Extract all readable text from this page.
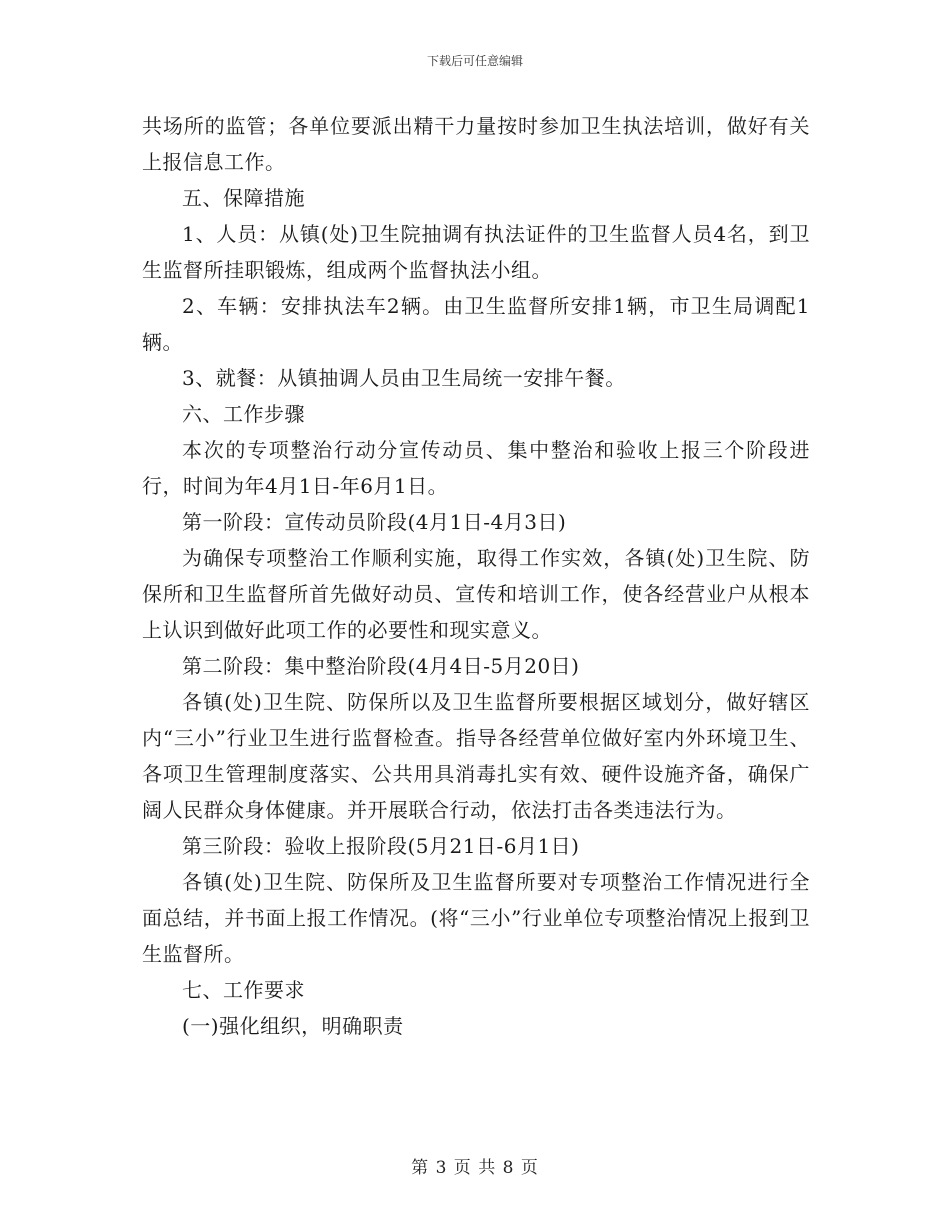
下载后可任意编辑

共场所的监管；各单位要派出精干力量按时参加卫生执法培训，做好有关上报信息工作。

五、保障措施

1、人员：从镇(处)卫生院抽调有执法证件的卫生监督人员4名，到卫生监督所挂职锻炼，组成两个监督执法小组。

2、车辆：安排执法车2辆。由卫生监督所安排1辆，市卫生局调配1辆。

3、就餐：从镇抽调人员由卫生局统一安排午餐。

六、工作步骤

本次的专项整治行动分宣传动员、集中整治和验收上报三个阶段进行，时间为年4月1日-年6月1日。

第一阶段：宣传动员阶段(4月1日-4月3日)

为确保专项整治工作顺利实施，取得工作实效，各镇(处)卫生院、防保所和卫生监督所首先做好动员、宣传和培训工作，使各经营业户从根本上认识到做好此项工作的必要性和现实意义。

第二阶段：集中整治阶段(4月4日-5月20日)

各镇(处)卫生院、防保所以及卫生监督所要根据区域划分，做好辖区内“三小”行业卫生进行监督检查。指导各经营单位做好室内外环境卫生、各项卫生管理制度落实、公共用具消毒扎实有效、硬件设施齐备，确保广阔人民群众身体健康。并开展联合行动，依法打击各类违法行为。

第三阶段：验收上报阶段(5月21日-6月1日)

各镇(处)卫生院、防保所及卫生监督所要对专项整治工作情况进行全面总结，并书面上报工作情况。(将“三小”行业单位专项整治情况上报到卫生监督所。

七、工作要求

(一)强化组织，明确职责

第 3 页 共 8 页
